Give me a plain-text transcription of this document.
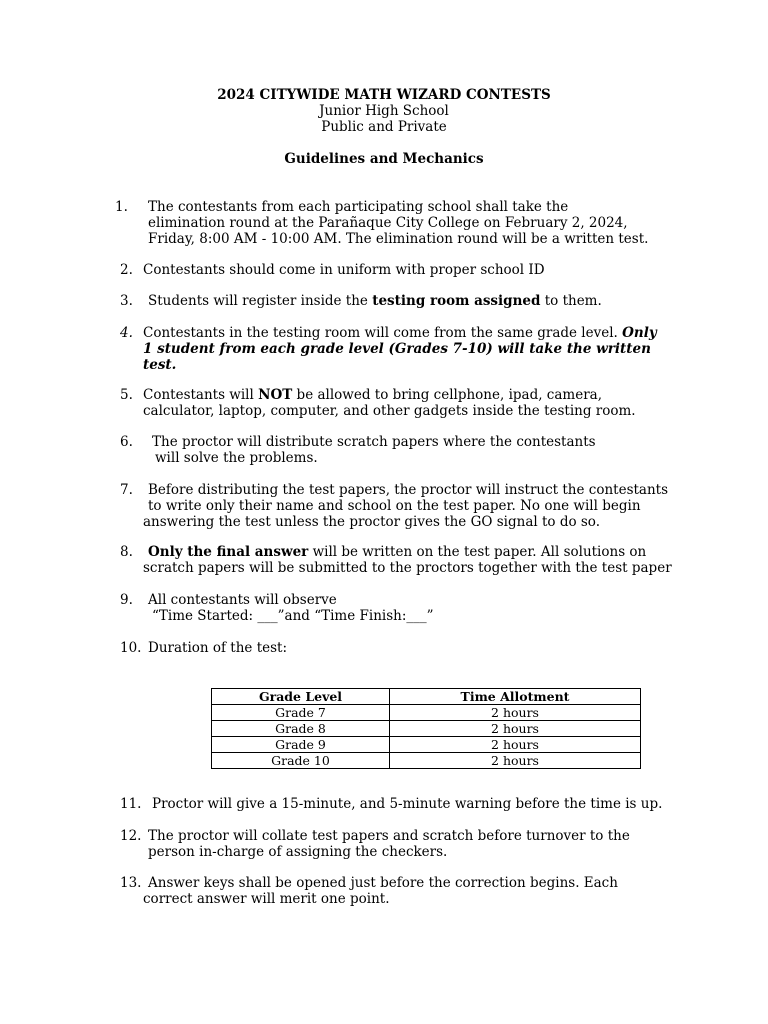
2024 CITYWIDE MATH WIZARD CONTESTS
Junior High School
Public and Private
Guidelines and Mechanics
1. The contestants from each participating school shall take the
elimination round at the Parañaque City College on February 2, 2024,
Friday, 8:00 AM - 10:00 AM. The elimination round will be a written test.
2. Contestants should come in uniform with proper school ID
3. Students will register inside the testing room assigned to them.
4. Contestants in the testing room will come from the same grade level. Only
1 student from each grade level (Grades 7-10) will take the written
test.
5. Contestants will NOT be allowed to bring cellphone, ipad, camera,
calculator, laptop, computer, and other gadgets inside the testing room.
6. The proctor will distribute scratch papers where the contestants
will solve the problems.
7. Before distributing the test papers, the proctor will instruct the contestants
to write only their name and school on the test paper. No one will begin
answering the test unless the proctor gives the GO signal to do so.
8. Only the final answer will be written on the test paper. All solutions on
scratch papers will be submitted to the proctors together with the test paper
9. All contestants will observe
“Time Started: ___”and “Time Finish:___”
10. Duration of the test:
Grade Level	Time Allotment
Grade 7	2 hours
Grade 8	2 hours
Grade 9	2 hours
Grade 10	2 hours
11. Proctor will give a 15-minute, and 5-minute warning before the time is up.
12. The proctor will collate test papers and scratch before turnover to the
person in-charge of assigning the checkers.
13. Answer keys shall be opened just before the correction begins. Each
correct answer will merit one point.
